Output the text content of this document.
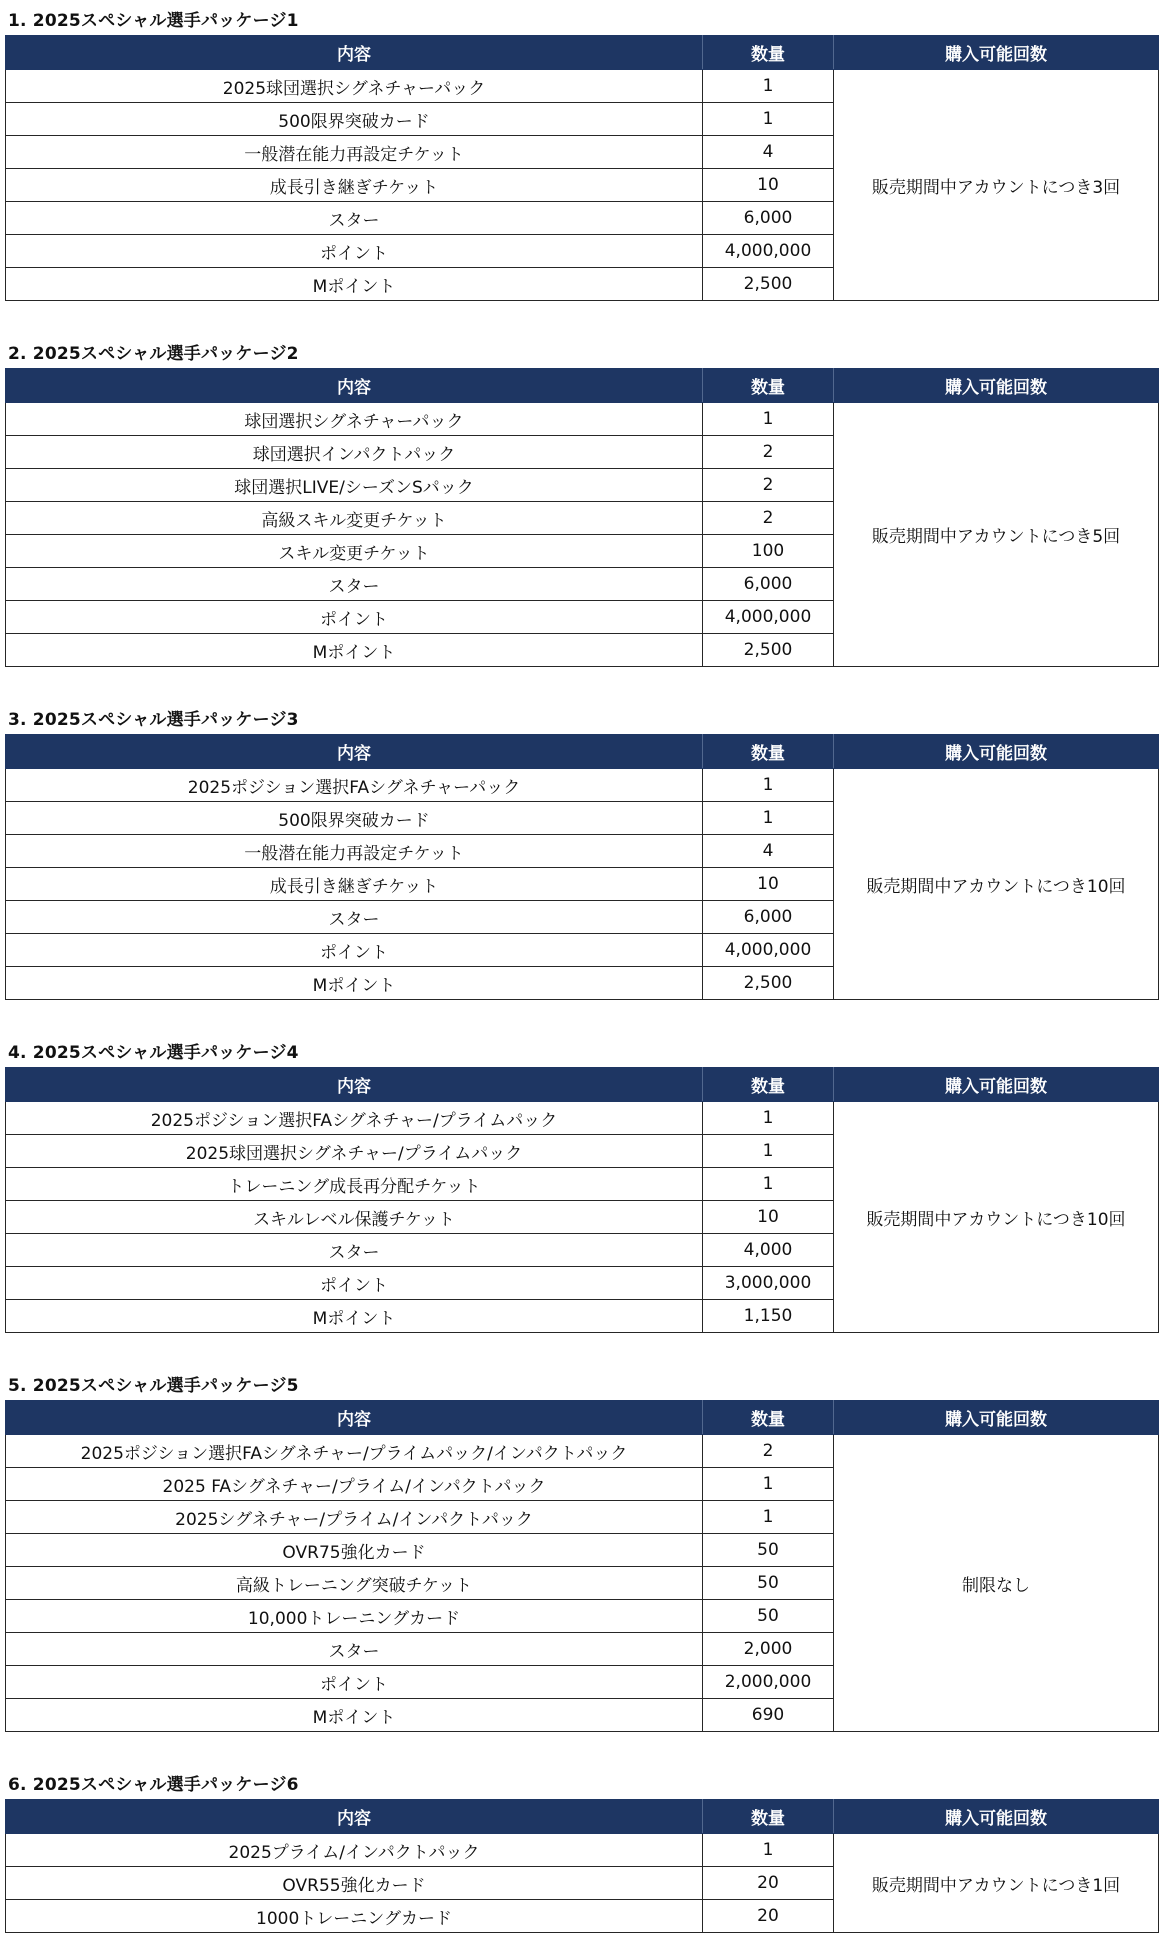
1. 2025スペシャル選手パッケージ1
内容	数量	購入可能回数
2025球団選択シグネチャーパック	1	販売期間中アカウントにつき3回
500限界突破カード	1	
一般潜在能力再設定チケット	4	
成長引き継ぎチケット	10	
スター	6,000	
ポイント	4,000,000	
Mポイント	2,500	
2. 2025スペシャル選手パッケージ2
内容	数量	購入可能回数
球団選択シグネチャーパック	1	販売期間中アカウントにつき5回
球団選択インパクトパック	2	
球団選択LIVE/シーズンSパック	2	
高級スキル変更チケット	2	
スキル変更チケット	100	
スター	6,000	
ポイント	4,000,000	
Mポイント	2,500	
3. 2025スペシャル選手パッケージ3
内容	数量	購入可能回数
2025ポジション選択FAシグネチャーパック	1	販売期間中アカウントにつき10回
500限界突破カード	1	
一般潜在能力再設定チケット	4	
成長引き継ぎチケット	10	
スター	6,000	
ポイント	4,000,000	
Mポイント	2,500	
4. 2025スペシャル選手パッケージ4
内容	数量	購入可能回数
2025ポジション選択FAシグネチャー/プライムパック	1	販売期間中アカウントにつき10回
2025球団選択シグネチャー/プライムパック	1	
トレーニング成長再分配チケット	1	
スキルレベル保護チケット	10	
スター	4,000	
ポイント	3,000,000	
Mポイント	1,150	
5. 2025スペシャル選手パッケージ5
内容	数量	購入可能回数
2025ポジション選択FAシグネチャー/プライムパック/インパクトパック	2	制限なし
2025 FAシグネチャー/プライム/インパクトパック	1	
2025シグネチャー/プライム/インパクトパック	1	
OVR75強化カード	50	
高級トレーニング突破チケット	50	
10,000トレーニングカード	50	
スター	2,000	
ポイント	2,000,000	
Mポイント	690	
6. 2025スペシャル選手パッケージ6
内容	数量	購入可能回数
2025プライム/インパクトパック	1	販売期間中アカウントにつき1回
OVR55強化カード	20	
1000トレーニングカード	20	
